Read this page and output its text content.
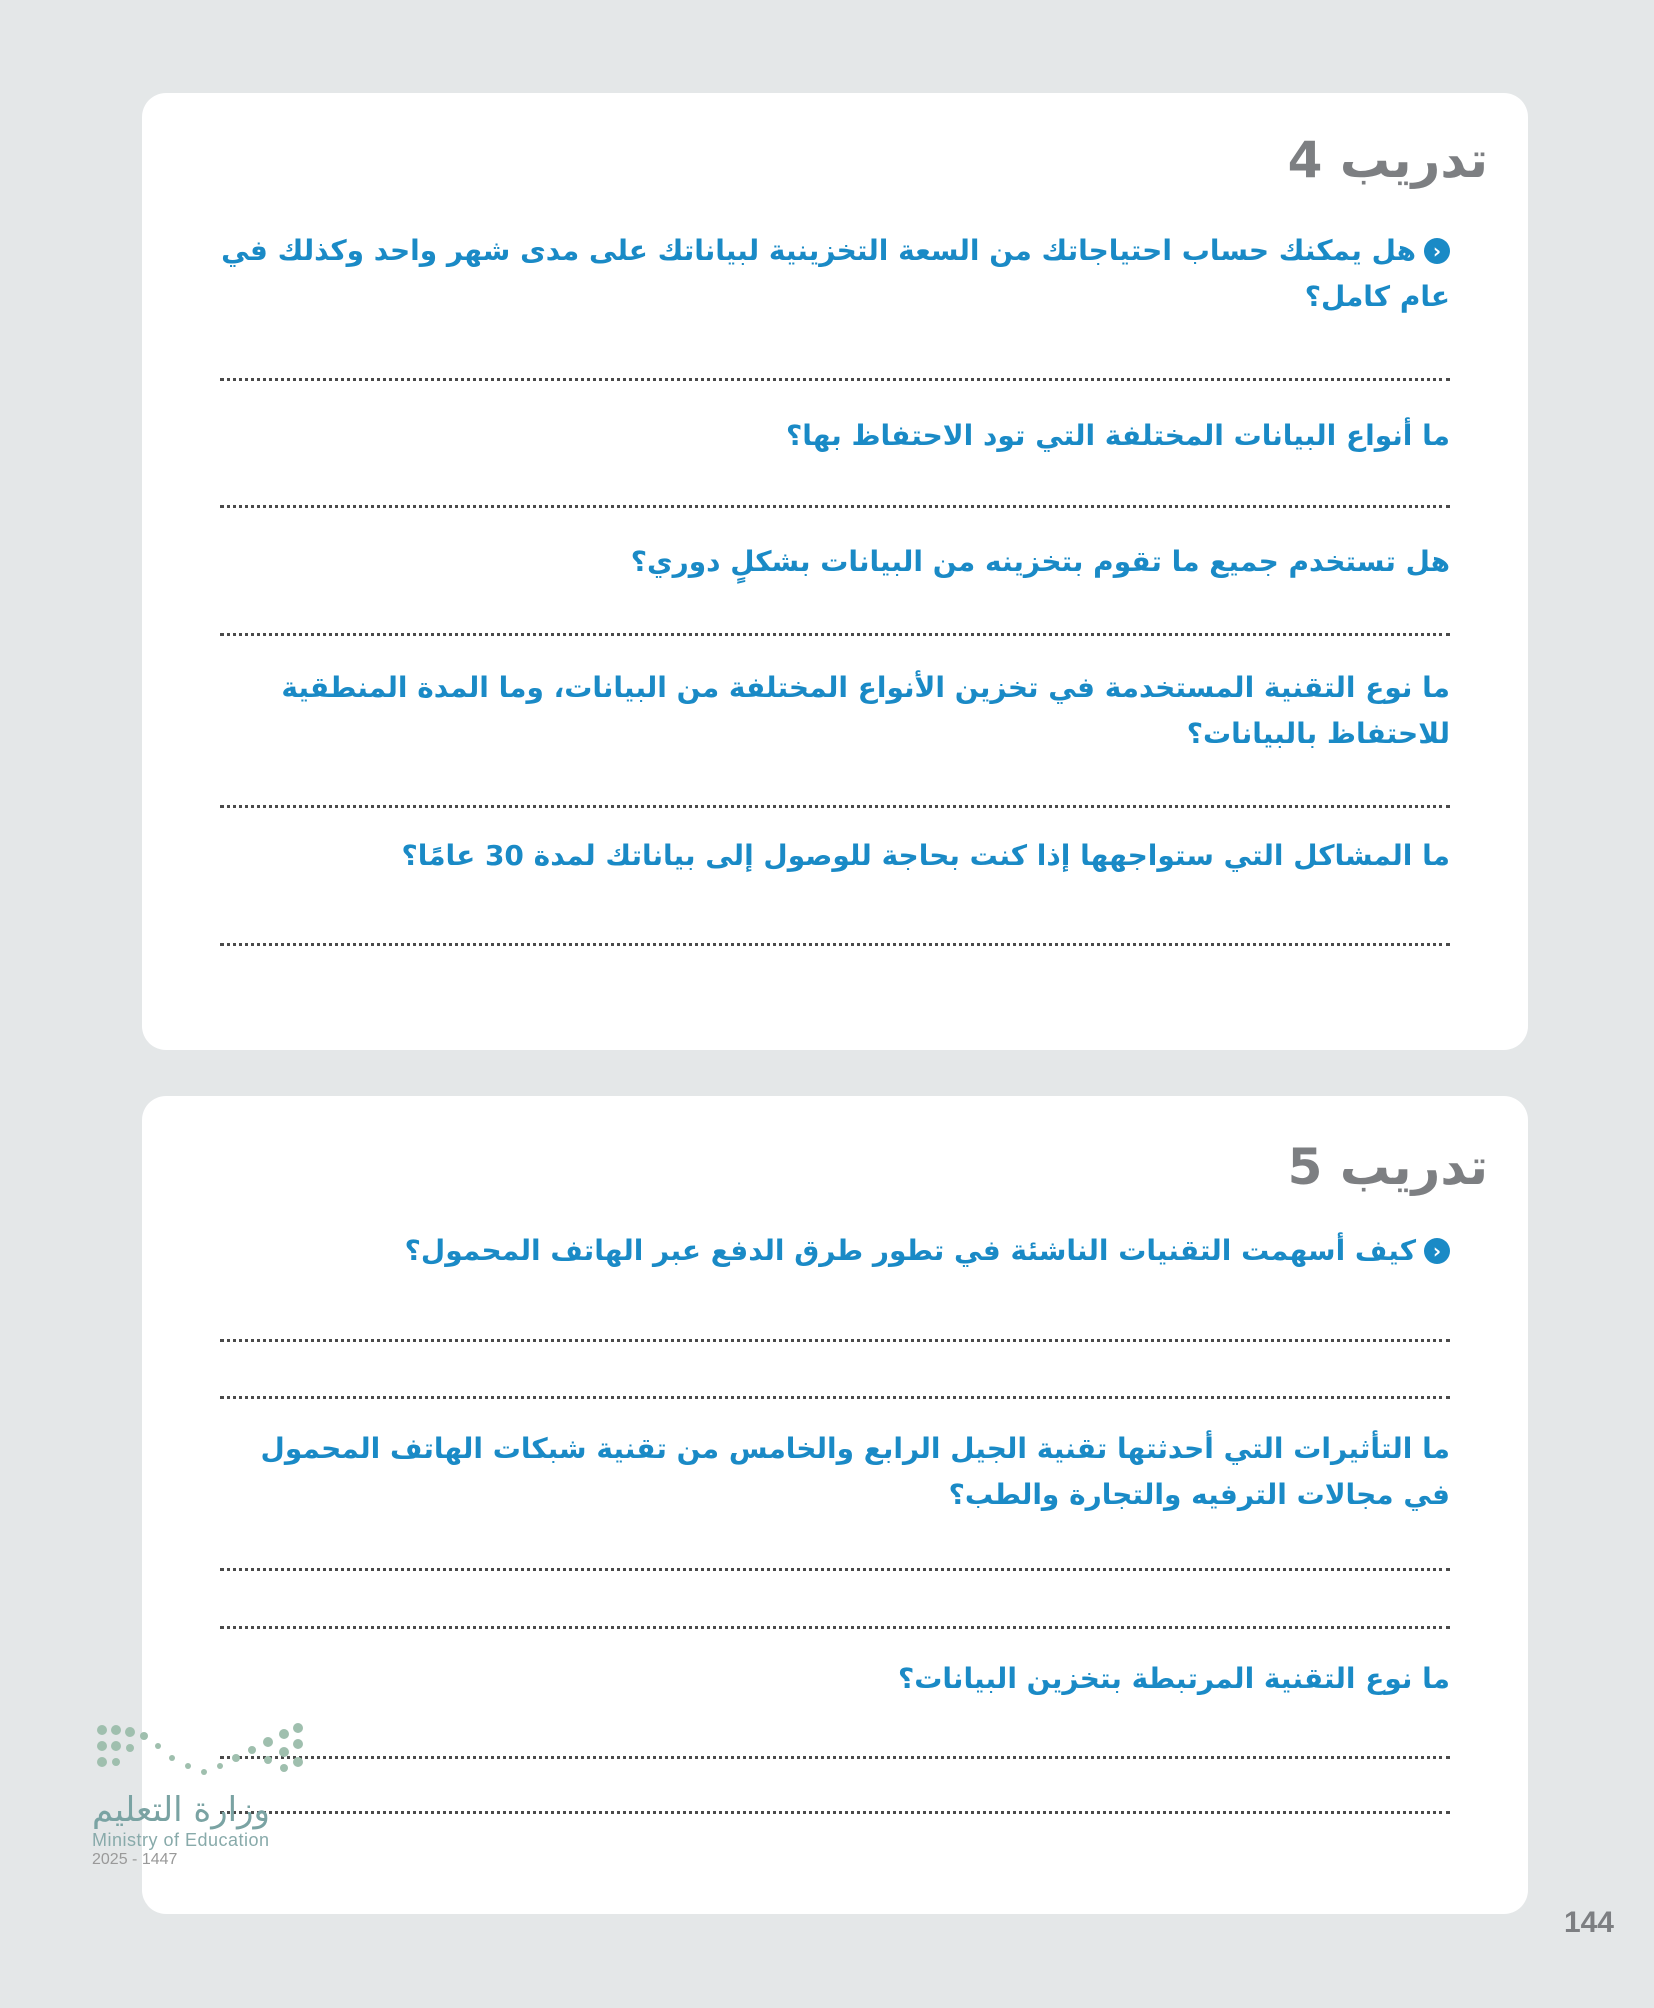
تدريب 4

‹هل يمكنك حساب احتياجاتك من السعة التخزينية لبياناتك على مدى شهر واحد وكذلك في عام كامل؟

ما أنواع البيانات المختلفة التي تود الاحتفاظ بها؟

هل تستخدم جميع ما تقوم بتخزينه من البيانات بشكلٍ دوري؟

ما نوع التقنية المستخدمة في تخزين الأنواع المختلفة من البيانات، وما المدة المنطقية للاحتفاظ بالبيانات؟

ما المشاكل التي ستواجهها إذا كنت بحاجة للوصول إلى بياناتك لمدة 30 عامًا؟

تدريب 5

‹كيف أسهمت التقنيات الناشئة في تطور طرق الدفع عبر الهاتف المحمول؟

ما التأثيرات التي أحدثتها تقنية الجيل الرابع والخامس من تقنية شبكات الهاتف المحمول في مجالات الترفيه والتجارة والطب؟

ما نوع التقنية المرتبطة بتخزين البيانات؟

وزارة التعليم
Ministry of Education
2025 - 1447
144
